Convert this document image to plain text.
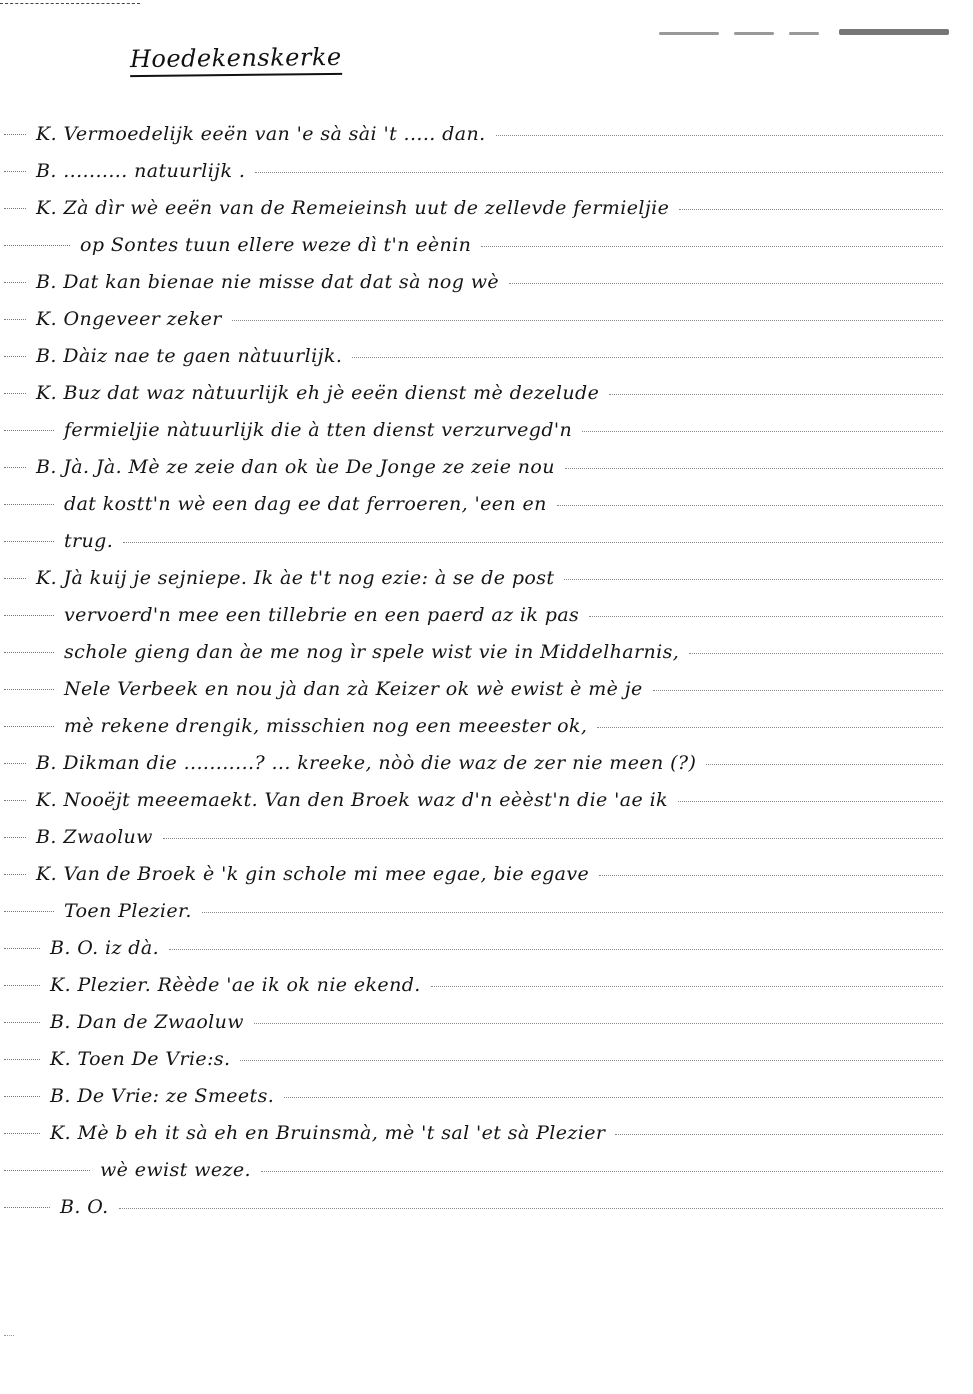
Hoedekenskerke
K. Vermoedelijk eeën van 'e sà sài 't ..... dan.
B. .......... natuurlijk .
K. Zà dìr wè eeën van de Remeieinsh uut de zellevde fermieljie
op Sontes tuun ellere weze dì t'n eènin
B. Dat kan bienae nie misse dat dat sà nog wè
K. Ongeveer zeker
B. Dàiz nae te gaen nàtuurlijk.
K. Buz dat waz nàtuurlijk eh jè eeën dienst mè dezelude
fermieljie nàtuurlijk die à tten dienst verzurvegd'n
B. Jà. Jà. Mè ze zeie dan ok ùe De Jonge ze zeie nou
dat kostt'n wè een dag ee dat ferroeren, 'een en
trug.
K. Jà kuij je sejniepe. Ik àe t't nog ezie: à se de post
vervoerd'n mee een tillebrie en een paerd az ik pas
schole gieng dan àe me nog ìr spele wist vie in Middelharnis,
Nele Verbeek en nou jà dan zà Keizer ok wè ewist è mè je
mè rekene drengik, misschien nog een meeester ok,
B. Dikman die ...........? ... kreeke, nòò die waz de zer nie meen (?)
K. Nooëjt meeemaekt. Van den Broek waz d'n eèèst'n die 'ae ik
B. Zwaoluw
K. Van de Broek è 'k gin schole mi mee egae, bie egave
Toen Plezier.
B. O. iz dà.
K. Plezier. Rèède 'ae ik ok nie ekend.
B. Dan de Zwaoluw
K. Toen De Vrie:s.
B. De Vrie: ze Smeets.
K. Mè b eh it sà eh en Bruinsmà, mè 't sal 'et sà Plezier
wè ewist weze.
B. O.
